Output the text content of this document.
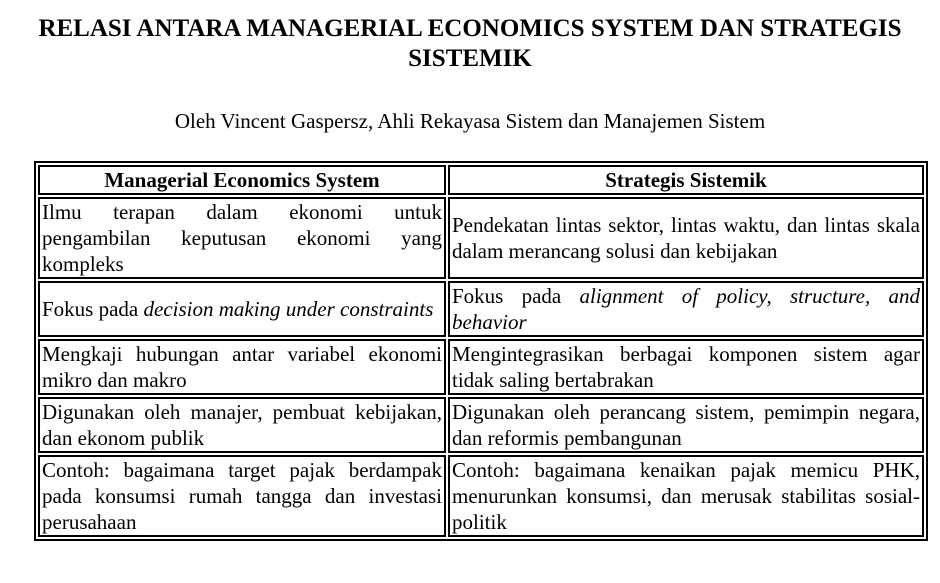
RELASI ANTARA MANAGERIAL ECONOMICS SYSTEM DAN STRATEGIS SISTEMIK

Oleh Vincent Gaspersz, Ahli Rekayasa Sistem dan Manajemen Sistem

Managerial Economics System	Strategis Sistemik
Ilmu terapan dalam ekonomi untuk pengambilan keputusan ekonomi yang kompleks	Pendekatan lintas sektor, lintas waktu, dan lintas skala dalam merancang solusi dan kebijakan
Fokus pada decision making under constraints	Fokus pada alignment of policy, structure, and behavior
Mengkaji hubungan antar variabel ekonomi mikro dan makro	Mengintegrasikan berbagai komponen sistem agar tidak saling bertabrakan
Digunakan oleh manajer, pembuat kebijakan, dan ekonom publik	Digunakan oleh perancang sistem, pemimpin negara, dan reformis pembangunan
Contoh: bagaimana target pajak berdampak pada konsumsi rumah tangga dan investasi perusahaan	Contoh: bagaimana kenaikan pajak memicu PHK, menurunkan konsumsi, dan merusak stabilitas sosial-politik
